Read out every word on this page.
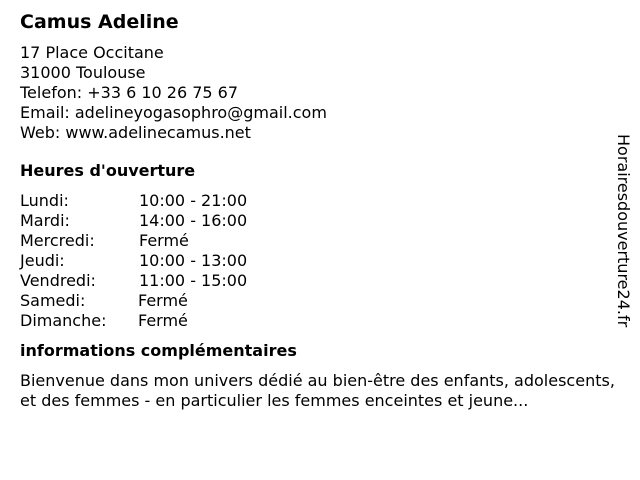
Camus Adeline
17 Place Occitane
31000 Toulouse
Telefon: +33 6 10 26 75 67
Email: adelineyogasophro@gmail.com
Web: www.adelinecamus.net
Heures d'ouverture
Lundi:	10:00 - 21:00
Mardi:	14:00 - 16:00
Mercredi:	Fermé
Jeudi:	10:00 - 13:00
Vendredi:	11:00 - 15:00
Samedi:	Fermé
Dimanche: Fermé
informations complémentaires
Bienvenue dans mon univers dédié au bien-être des enfants, adolescents, et des femmes - en particulier les femmes enceintes et jeune...
Horairesdouverture24.fr
